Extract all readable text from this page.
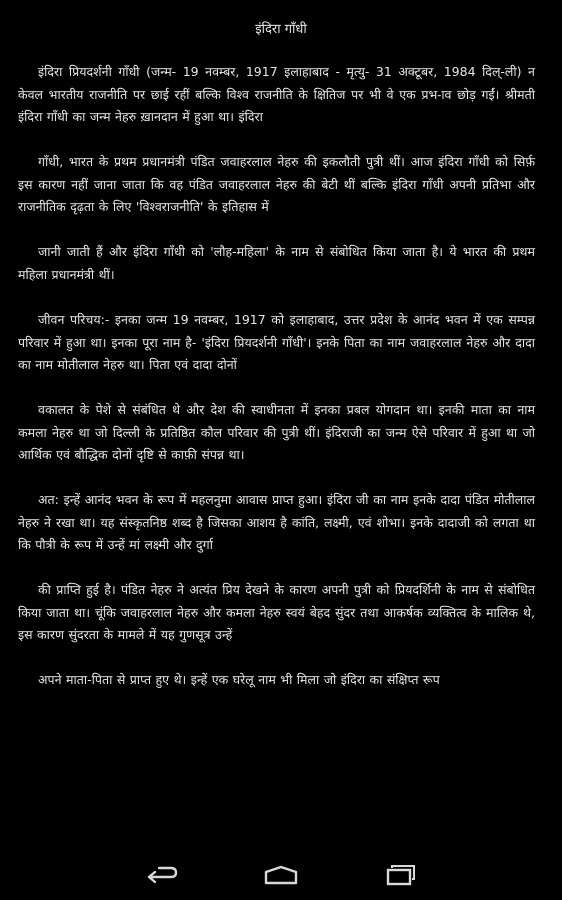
इंदिरा गाँधी

इंदिरा प्रियदर्शनी गाँधी (जन्म- 19 नवम्बर, 1917 इलाहाबाद - मृत्यु- 31 अक्टूबर, 1984 दिल्-ली) न केवल भारतीय राजनीति पर छाई रहीं बल्कि विश्व राजनीति के क्षितिज पर भी वे एक प्रभ-ाव छोड़ गईं। श्रीमती इंदिरा गाँधी का जन्म नेहरु ख़ानदान में हुआ था। इंदिरा

गाँधी, भारत के प्रथम प्रधानमंत्री पंडित जवाहरलाल नेहरु की इकलौती पुत्री थीं। आज इंदिरा गाँधी को सिर्फ़ इस कारण नहीं जाना जाता कि वह पंडित जवाहरलाल नेहरु की बेटी थीं बल्कि इंदिरा गाँधी अपनी प्रतिभा और राजनीतिक दृढ़ता के लिए 'विश्वराजनीति' के इतिहास में

जानी जाती हैं और इंदिरा गाँधी को 'लौह-महिला' के नाम से संबोधित किया जाता है। ये भारत की प्रथम महिला प्रधानमंत्री थीं।

जीवन परिचय:- इनका जन्म 19 नवम्बर, 1917 को इलाहाबाद, उत्तर प्रदेश के आनंद भवन में एक सम्पन्न परिवार में हुआ था। इनका पूरा नाम है- 'इंदिरा प्रियदर्शनी गाँधी'। इनके पिता का नाम जवाहरलाल नेहरु और दादा का नाम मोतीलाल नेहरु था। पिता एवं दादा दोनों

वकालत के पेशे से संबंधित थे और देश की स्वाधीनता में इनका प्रबल योगदान था। इनकी माता का नाम कमला नेहरु था जो दिल्ली के प्रतिष्ठित कौल परिवार की पुत्री थीं। इंदिराजी का जन्म ऐसे परिवार में हुआ था जो आर्थिक एवं बौद्धिक दोनों दृष्टि से काफ़ी संपन्न था।

अत: इन्हें आनंद भवन के रूप में महलनुमा आवास प्राप्त हुआ। इंदिरा जी का नाम इनके दादा पंडित मोतीलाल नेहरु ने रखा था। यह संस्कृतनिष्ठ शब्द है जिसका आशय है कांति, लक्ष्मी, एवं शोभा। इनके दादाजी को लगता था कि पौत्री के रूप में उन्हें मां लक्ष्मी और दुर्गा

की प्राप्ति हुई है। पंडित नेहरु ने अत्यंत प्रिय देखने के कारण अपनी पुत्री को प्रियदर्शिनी के नाम से संबोधित किया जाता था। चूंकि जवाहरलाल नेहरु और कमला नेहरु स्वयं बेहद सुंदर तथा आकर्षक व्यक्तित्व के मालिक थे, इस कारण सुंदरता के मामले में यह गुणसूत्र उन्हें

अपने माता-पिता से प्राप्त हुए थे। इन्हें एक घरेलू नाम भी मिला जो इंदिरा का संक्षिप्त रूप
